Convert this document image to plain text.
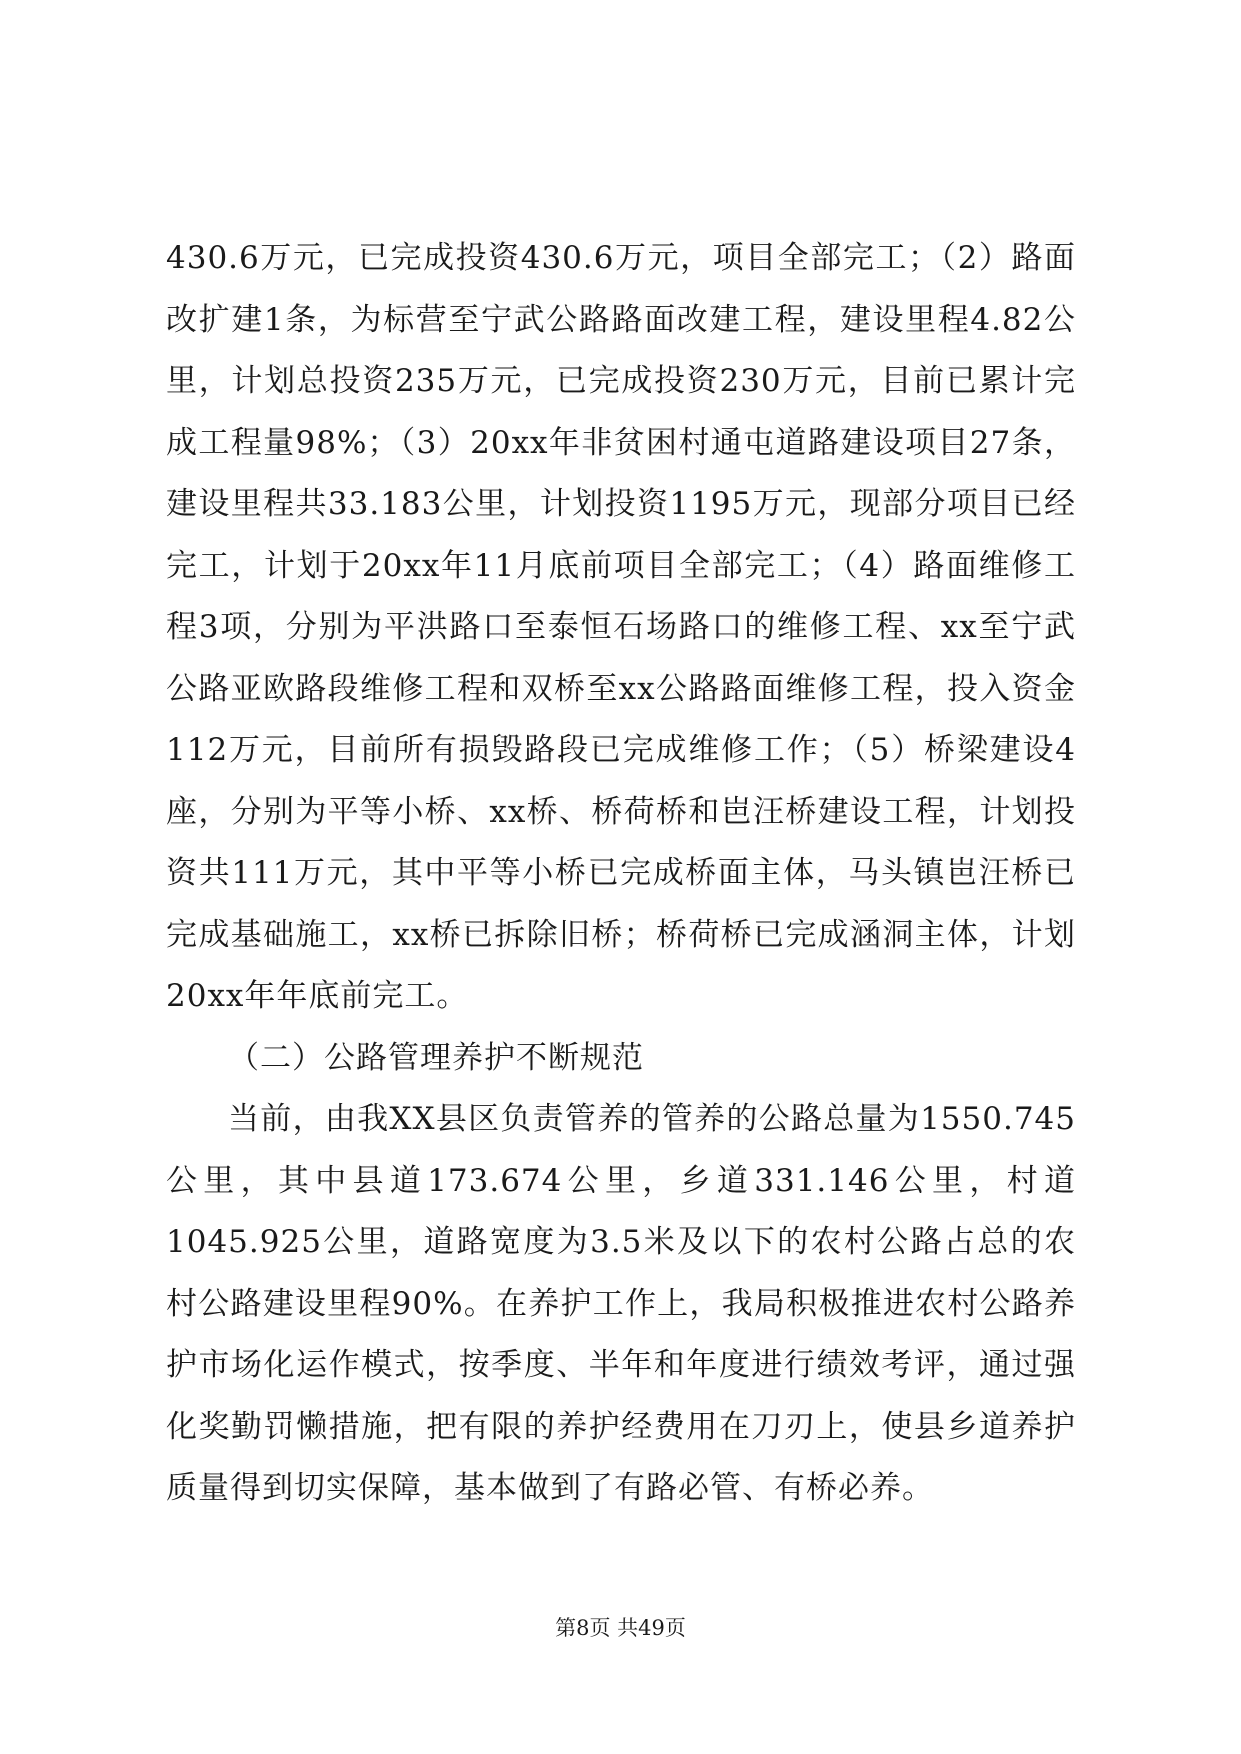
430.6万元，已完成投资430.6万元，项目全部完工；（2）路面改扩建1条，为标营至宁武公路路面改建工程，建设里程4.82公里，计划总投资235万元，已完成投资230万元，目前已累计完成工程量98%；（3）20xx年非贫困村通屯道路建设项目27条，建设里程共33.183公里，计划投资1195万元，现部分项目已经完工，计划于20xx年11月底前项目全部完工；（4）路面维修工程3项，分别为平洪路口至泰恒石场路口的维修工程、xx至宁武公路亚欧路段维修工程和双桥至xx公路路面维修工程，投入资金112万元，目前所有损毁路段已完成维修工作；（5）桥梁建设4座，分别为平等小桥、xx桥、桥荷桥和岜汪桥建设工程，计划投资共111万元，其中平等小桥已完成桥面主体，马头镇岜汪桥已完成基础施工，xx桥已拆除旧桥；桥荷桥已完成涵洞主体，计划20xx年年底前完工。

（二）公路管理养护不断规范

当前，由我XX县区负责管养的管养的公路总量为1550.745公里，其中县道173.674公里，乡道331.146公里，村道1045.925公里，道路宽度为3.5米及以下的农村公路占总的农村公路建设里程90%。在养护工作上，我局积极推进农村公路养护市场化运作模式，按季度、半年和年度进行绩效考评，通过强化奖勤罚懒措施，把有限的养护经费用在刀刃上，使县乡道养护质量得到切实保障，基本做到了有路必管、有桥必养。

第8页 共49页
